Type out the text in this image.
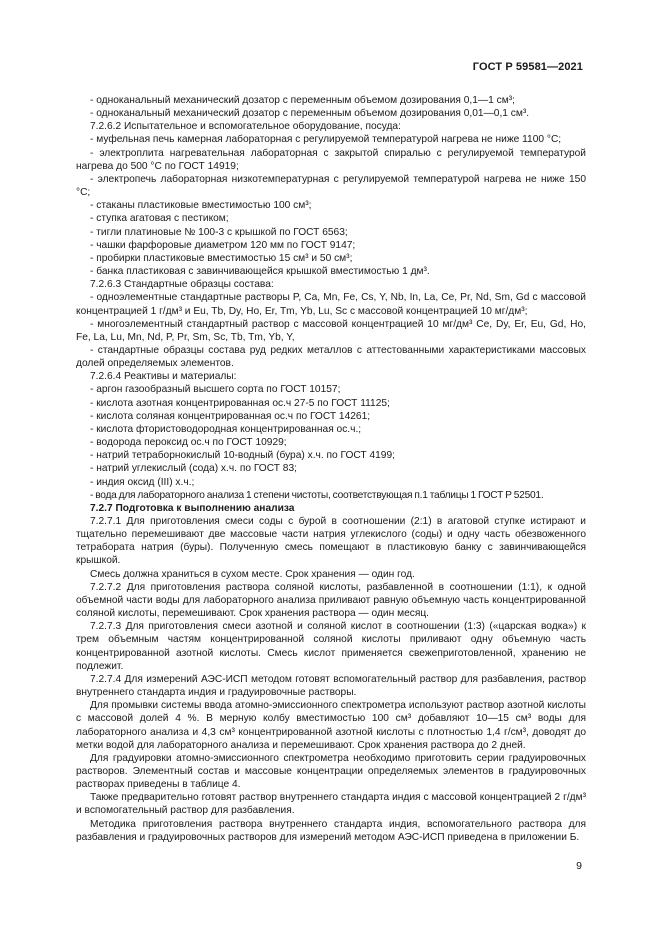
ГОСТ Р 59581—2021

- одноканальный механический дозатор с переменным объемом дозирования 0,1—1 см³;

- одноканальный механический дозатор с переменным объемом дозирования 0,01—0,1 см³.

7.2.6.2 Испытательное и вспомогательное оборудование, посуда:

- муфельная печь камерная лабораторная с регулируемой температурой нагрева не ниже 1100 °С;

- электроплита нагревательная лабораторная с закрытой спиралью с регулируемой температурой нагрева до 500 °С по ГОСТ 14919;

- электропечь лабораторная низкотемпературная с регулируемой температурой нагрева не ниже 150 °С;

- стаканы пластиковые вместимостью 100 см³;

- ступка агатовая с пестиком;

- тигли платиновые № 100-3 с крышкой по ГОСТ 6563;

- чашки фарфоровые диаметром 120 мм по ГОСТ 9147;

- пробирки пластиковые вместимостью 15 см³ и 50 см³;

- банка пластиковая с завинчивающейся крышкой вместимостью 1 дм³.

7.2.6.3 Стандартные образцы состава:

- одноэлементные стандартные растворы P, Ca, Mn, Fe, Cs, Y, Nb, In, La, Ce, Pr, Nd, Sm, Gd с массовой концентрацией 1 г/дм³ и Eu, Tb, Dy, Ho, Er, Tm, Yb, Lu, Sc с массовой концентрацией 10 мг/дм³;

- многоэлементный стандартный раствор с массовой концентрацией 10 мг/дм³ Ce, Dy, Er, Eu, Gd, Ho, Fe, La, Lu, Mn, Nd, P, Pr, Sm, Sc, Tb, Tm, Yb, Y,

- стандартные образцы состава руд редких металлов с аттестованными характеристиками массовых долей определяемых элементов.

7.2.6.4 Реактивы и материалы:

- аргон газообразный высшего сорта по ГОСТ 10157;

- кислота азотная концентрированная ос.ч 27-5 по ГОСТ 11125;

- кислота соляная концентрированная ос.ч по ГОСТ 14261;

- кислота фтористоводородная концентрированная ос.ч.;

- водорода пероксид ос.ч по ГОСТ 10929;

- натрий тетраборнокислый 10-водный (бура) х.ч. по ГОСТ 4199;

- натрий углекислый (сода) х.ч. по ГОСТ 83;

- индия оксид (III) х.ч.;

- вода для лабораторного анализа 1 степени чистоты, соответствующая п.1 таблицы 1 ГОСТ Р 52501.

7.2.7 Подготовка к выполнению анализа

7.2.7.1 Для приготовления смеси соды с бурой в соотношении (2:1) в агатовой ступке истирают и тщательно перемешивают две массовые части натрия углекислого (соды) и одну часть обезвоженного тетрабората натрия (буры). Полученную смесь помещают в пластиковую банку с завинчивающейся крышкой.

Смесь должна храниться в сухом месте. Срок хранения — один год.

7.2.7.2 Для приготовления раствора соляной кислоты, разбавленной в соотношении (1:1), к одной объемной части воды для лабораторного анализа приливают равную объемную часть концентрированной соляной кислоты, перемешивают. Срок хранения раствора — один месяц.

7.2.7.3 Для приготовления смеси азотной и соляной кислот в соотношении (1:3) («царская водка») к трем объемным частям концентрированной соляной кислоты приливают одну объемную часть концентрированной азотной кислоты. Смесь кислот применяется свежеприготовленной, хранению не подлежит.

7.2.7.4 Для измерений АЭС-ИСП методом готовят вспомогательный раствор для разбавления, раствор внутреннего стандарта индия и градуировочные растворы.

Для промывки системы ввода атомно-эмиссионного спектрометра используют раствор азотной кислоты с массовой долей 4 %. В мерную колбу вместимостью 100 см³ добавляют 10—15 см³ воды для лабораторного анализа и 4,3 см³ концентрированной азотной кислоты с плотностью 1,4 г/см³, доводят до метки водой для лабораторного анализа и перемешивают. Срок хранения раствора до 2 дней.

Для градуировки атомно-эмиссионного спектрометра необходимо приготовить серии градуировочных растворов. Элементный состав и массовые концентрации определяемых элементов в градуировочных растворах приведены в таблице 4.

Также предварительно готовят раствор внутреннего стандарта индия с массовой концентрацией 2 г/дм³ и вспомогательный раствор для разбавления.

Методика приготовления раствора внутреннего стандарта индия, вспомогательного раствора для разбавления и градуировочных растворов для измерений методом АЭС-ИСП приведена в приложении Б.

9
